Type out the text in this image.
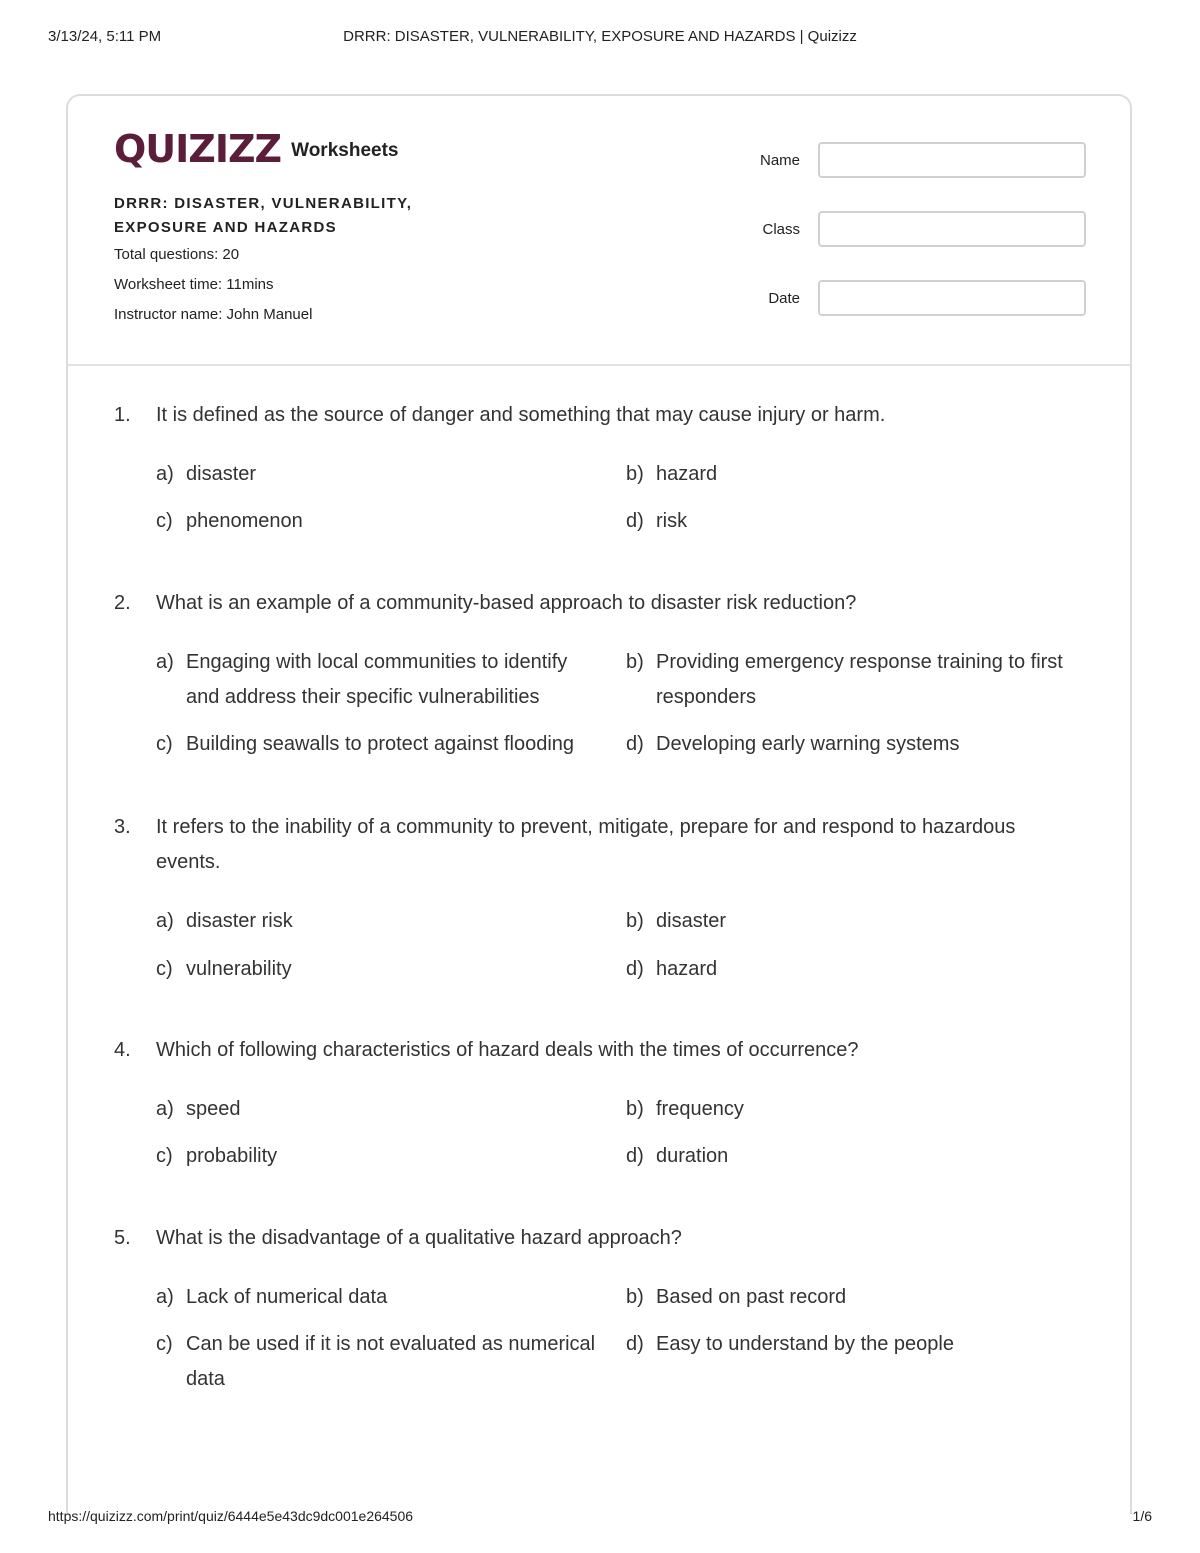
3/13/24, 5:11 PM	DRRR: DISASTER, VULNERABILITY, EXPOSURE AND HAZARDS | Quizizz
QUIZIZZ Worksheets
DRRR: DISASTER, VULNERABILITY, EXPOSURE AND HAZARDS
Total questions: 20
Worksheet time: 11mins
Instructor name: John Manuel
Name
Class
Date
1. It is defined as the source of danger and something that may cause injury or harm.
a) disaster	b) hazard
c) phenomenon	d) risk
2. What is an example of a community-based approach to disaster risk reduction?
a) Engaging with local communities to identify and address their specific vulnerabilities
b) Providing emergency response training to first responders
c) Building seawalls to protect against flooding	d) Developing early warning systems
3. It refers to the inability of a community to prevent, mitigate, prepare for and respond to hazardous events.
a) disaster risk	b) disaster
c) vulnerability	d) hazard
4. Which of following characteristics of hazard deals with the times of occurrence?
a) speed	b) frequency
c) probability	d) duration
5. What is the disadvantage of a qualitative hazard approach?
a) Lack of numerical data	b) Based on past record
c) Can be used if it is not evaluated as numerical data
d) Easy to understand by the people
https://quizizz.com/print/quiz/6444e5e43dc9dc001e264506	1/6
